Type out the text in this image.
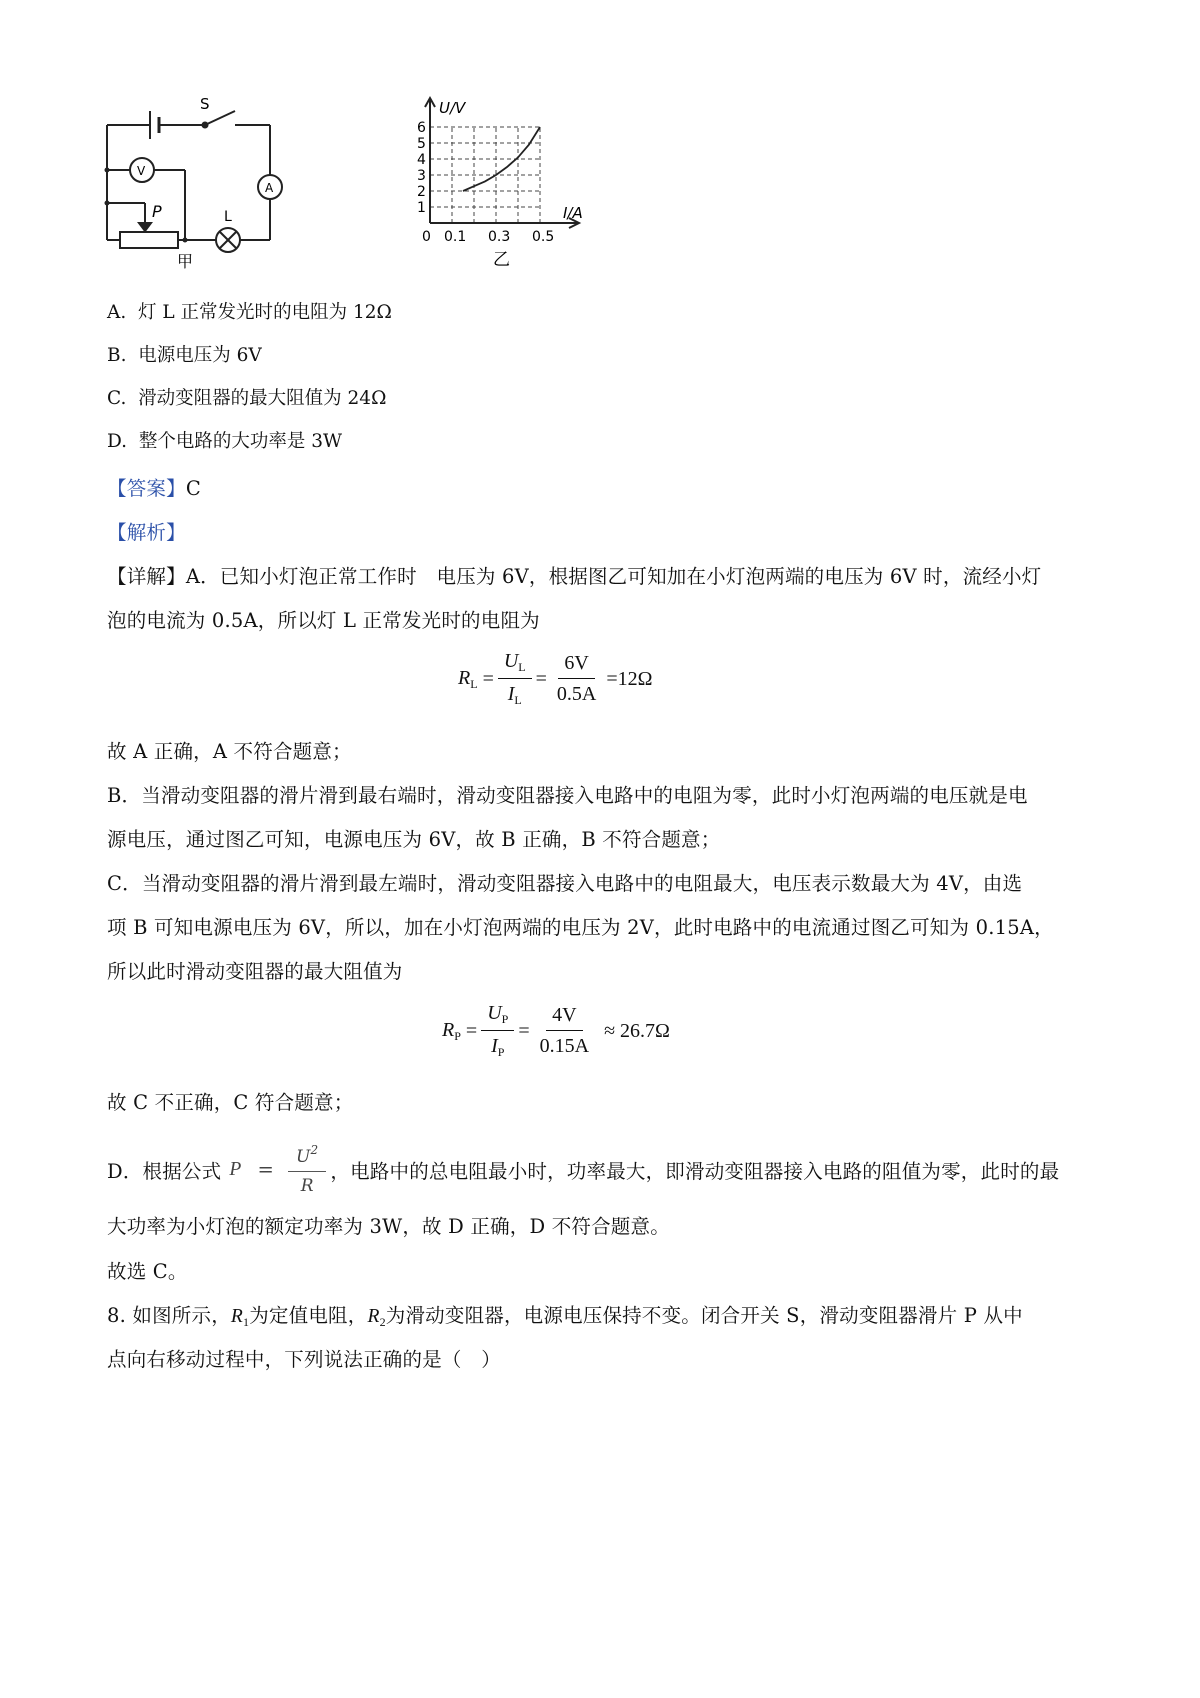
S
V
A
P	L
甲
1
2
3
4
5
6
0 0.1 0.3 0.5
U/V
I/A
乙
A. 灯 L 正常发光时的电阻为 12Ω
B. 电源电压为 6V
C. 滑动变阻器的最大阻值为 24Ω
D. 整个电路的大功率是 3W
【答案】C
【解析】
【详解】A．已知小灯泡正常工作时　电压为 6V，根据图乙可知加在小灯泡两端的电压为 6V 时，流经小灯
泡的电流为 0.5A，所以灯 L 正常发光时的电阻为
$R_L = \frac{U_L}{I_L} = \frac{6V}{0.5A} =12\Omega$
故 A 正确，A 不符合题意；
B．当滑动变阻器的滑片滑到最右端时，滑动变阻器接入电路中的电阻为零，此时小灯泡两端的电压就是电
源电压，通过图乙可知，电源电压为 6V，故 B 正确，B 不符合题意；
C．当滑动变阻器的滑片滑到最左端时，滑动变阻器接入电路中的电阻最大，电压表示数最大为 4V，由选
项 B 可知电源电压为 6V，所以，加在小灯泡两端的电压为 2V，此时电路中的电流通过图乙可知为 0.15A，
所以此时滑动变阻器的最大阻值为
$R_P = \frac{U_P}{I_P} = \frac{4V}{0.15A}$
≈ 26.7Ω
故 C 不正确，C 符合题意；
D．根据公式 $P = \frac{U^2}{R}$ ，电路中的总电阻最小时，功率最大，即滑动变阻器接入电路的阻值为零，此时的最
大功率为小灯泡的额定功率为 3W，故 D 正确，D 不符合题意。
故选 C。
8. 如图所示，$R_1$为定值电阻，$R_2$为滑动变阻器，电源电压保持不变。闭合开关 S，滑动变阻器滑片 P 从中
点向右移动过程中，下列说法正确的是（　）
